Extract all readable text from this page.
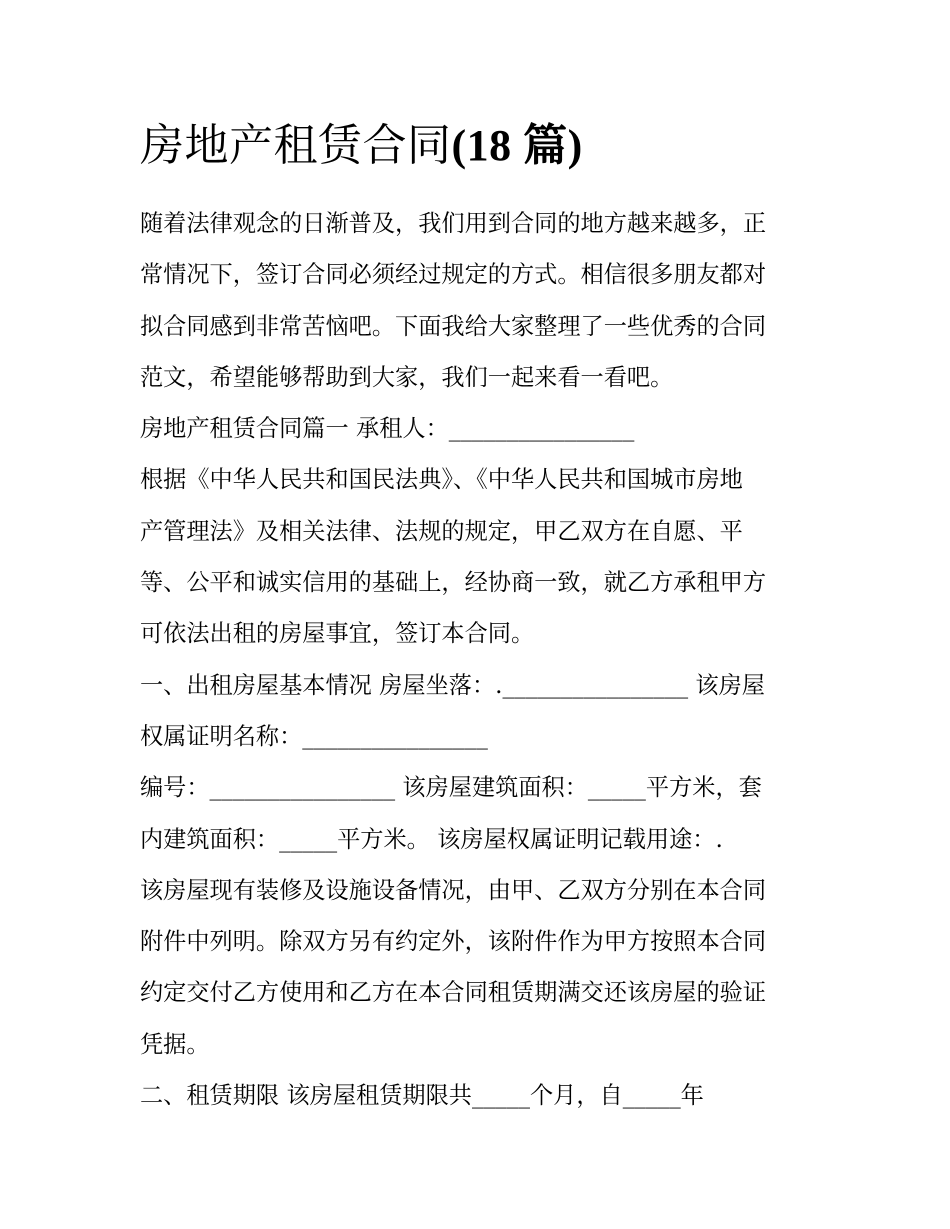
房地产租赁合同(18 篇)
随着法律观念的日渐普及，我们用到合同的地方越来越多，正
常情况下，签订合同必须经过规定的方式。相信很多朋友都对
拟合同感到非常苦恼吧。下面我给大家整理了一些优秀的合同
范文，希望能够帮助到大家，我们一起来看一看吧。
房地产租赁合同篇一 承租人：________________
根据《中华人民共和国民法典》、《中华人民共和国城市房地
产管理法》及相关法律、法规的规定，甲乙双方在自愿、平
等、公平和诚实信用的基础上，经协商一致，就乙方承租甲方
可依法出租的房屋事宜，签订本合同。
一、出租房屋基本情况 房屋坐落：.________________ 该房屋
权属证明名称：________________
编号：________________ 该房屋建筑面积：_____平方米，套
内建筑面积：_____平方米。 该房屋权属证明记载用途：.
该房屋现有装修及设施设备情况，由甲、乙双方分别在本合同
附件中列明。除双方另有约定外，该附件作为甲方按照本合同
约定交付乙方使用和乙方在本合同租赁期满交还该房屋的验证
凭据。
二、租赁期限 该房屋租赁期限共_____个月，自_____年
